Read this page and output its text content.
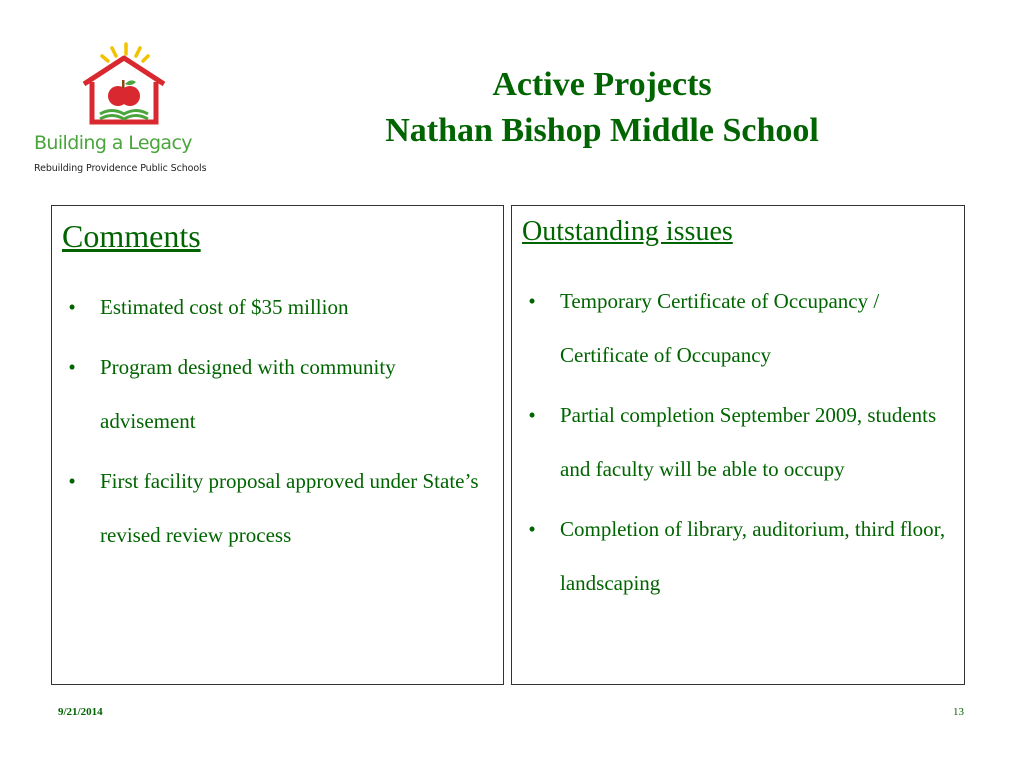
Building a Legacy
Rebuilding Providence Public Schools
Active Projects
Nathan Bishop Middle School
Comments
•	Estimated cost of $35 million
•	Program designed with community advisement
•	First facility proposal approved under State’s revised review process
Outstanding issues
•	Temporary Certificate of Occupancy / Certificate of Occupancy
•	Partial completion September 2009, students and faculty will be able to occupy
•	Completion of library, auditorium, third floor, landscaping
9/21/2014	13
